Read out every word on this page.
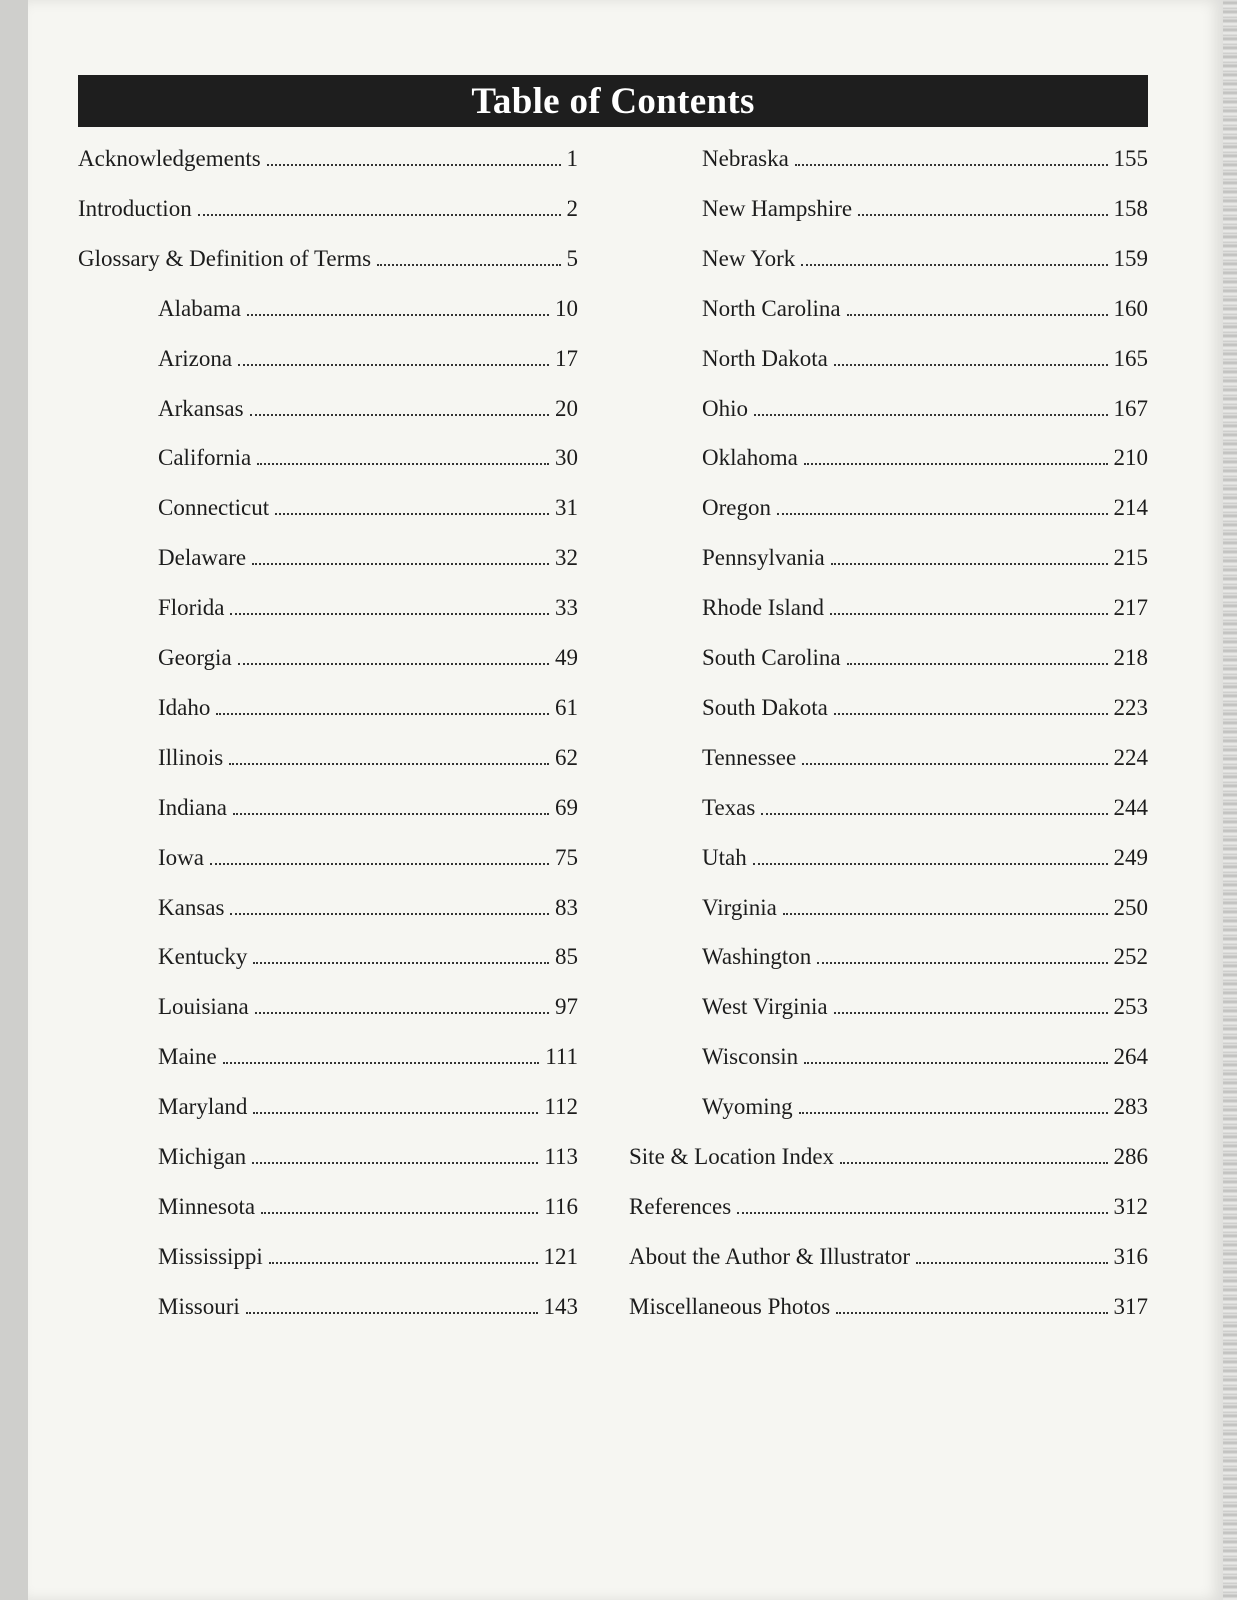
Table of Contents
Acknowledgements	1
Introduction	2
Glossary & Definition of Terms	5
Alabama	10
Arizona	17
Arkansas	20
California	30
Connecticut	31
Delaware	32
Florida	33
Georgia	49
Idaho	61
Illinois	62
Indiana	69
Iowa	75
Kansas	83
Kentucky	85
Louisiana	97
Maine	111
Maryland	112
Michigan	113
Minnesota	116
Mississippi	121
Missouri	143
Nebraska	155
New Hampshire	158
New York	159
North Carolina	160
North Dakota	165
Ohio	167
Oklahoma	210
Oregon	214
Pennsylvania	215
Rhode Island	217
South Carolina	218
South Dakota	223
Tennessee	224
Texas	244
Utah	249
Virginia	250
Washington	252
West Virginia	253
Wisconsin	264
Wyoming	283
Site & Location Index	286
References	312
About the Author & Illustrator	316
Miscellaneous Photos	317
